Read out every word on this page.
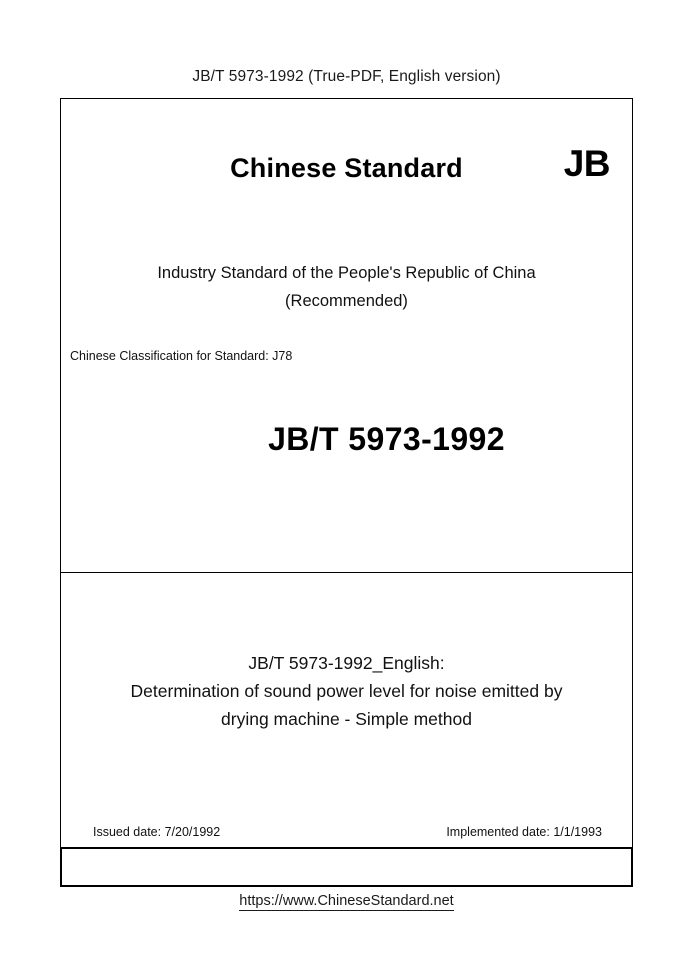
JB/T 5973-1992 (True-PDF, English version)
Chinese Standard	JB
Industry Standard of the People's Republic of China
(Recommended)
Chinese Classification for Standard: J78
JB/T 5973-1992
JB/T 5973-1992_English:
Determination of sound power level for noise emitted by
drying machine - Simple method
Issued date: 7/20/1992	Implemented date: 1/1/1993
https://www.ChineseStandard.net
